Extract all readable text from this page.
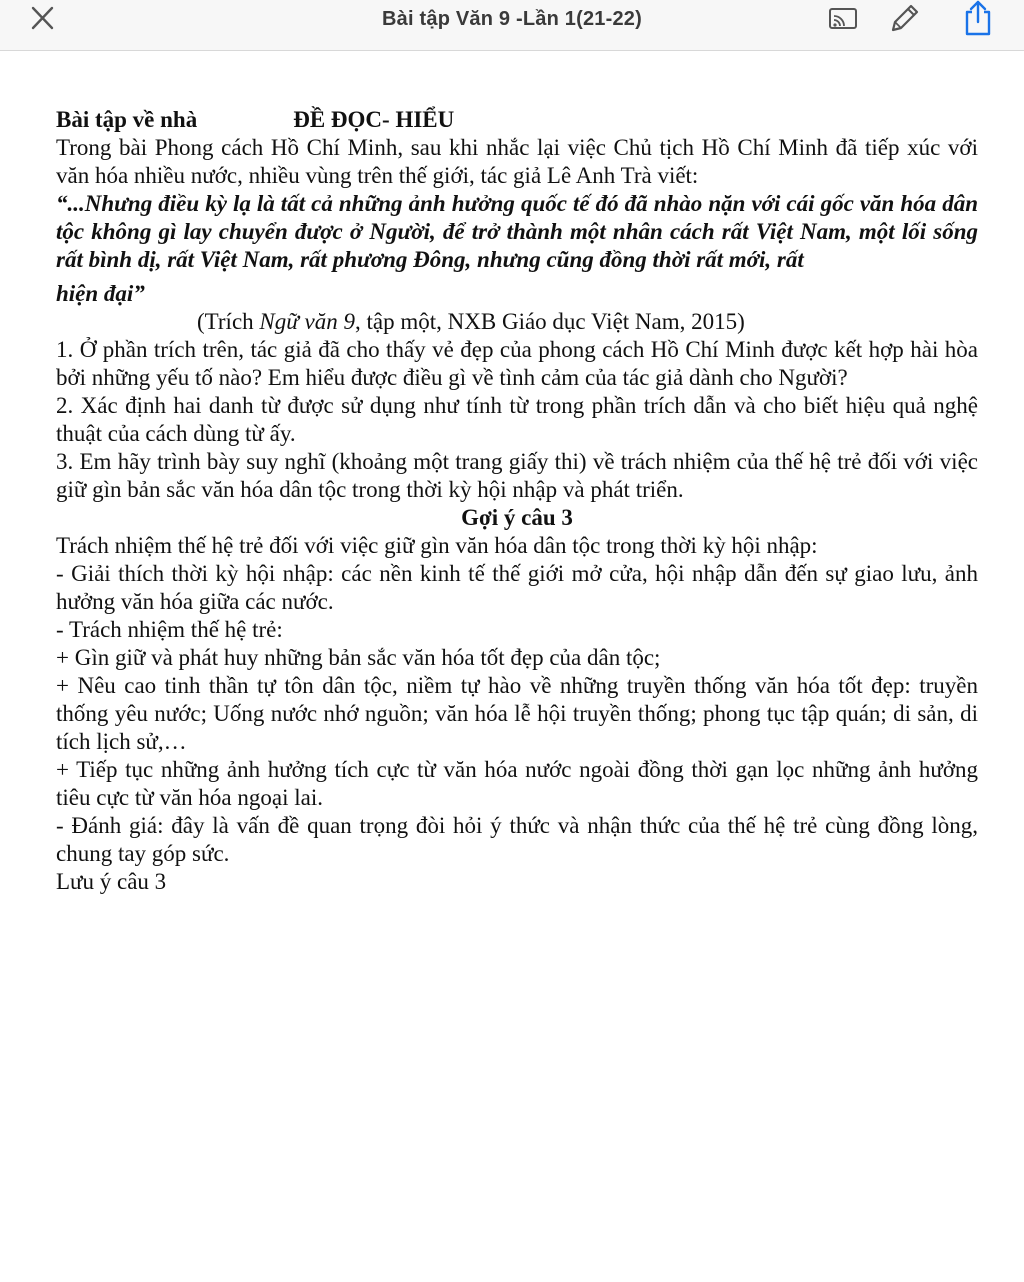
Bài tập Văn 9 -Lần 1(21-22)

Bài tập về nhà	ĐỀ ĐỌC- HIỂU

Trong bài Phong cách Hồ Chí Minh, sau khi nhắc lại việc Chủ tịch Hồ Chí Minh đã tiếp xúc với văn hóa nhiều nước, nhiều vùng trên thế giới, tác giả Lê Anh Trà viết:

“...Nhưng điều kỳ lạ là tất cả những ảnh hưởng quốc tế đó đã nhào nặn với cái gốc văn hóa dân tộc không gì lay chuyển được ở Người, để trở thành một nhân cách rất Việt Nam, một lối sống rất bình dị, rất Việt Nam, rất phương Đông, nhưng cũng đồng thời rất mới, rất
hiện đại”

(Trích Ngữ văn 9, tập một, NXB Giáo dục Việt Nam, 2015)

1. Ở phần trích trên, tác giả đã cho thấy vẻ đẹp của phong cách Hồ Chí Minh được kết hợp hài hòa bởi những yếu tố nào? Em hiểu được điều gì về tình cảm của tác giả dành cho Người?

2. Xác định hai danh từ được sử dụng như tính từ trong phần trích dẫn và cho biết hiệu quả nghệ thuật của cách dùng từ ấy.

3. Em hãy trình bày suy nghĩ (khoảng một trang giấy thi) về trách nhiệm của thế hệ trẻ đối với việc giữ gìn bản sắc văn hóa dân tộc trong thời kỳ hội nhập và phát triển.

Gợi ý câu 3

Trách nhiệm thế hệ trẻ đối với việc giữ gìn văn hóa dân tộc trong thời kỳ hội nhập:

- Giải thích thời kỳ hội nhập: các nền kinh tế thế giới mở cửa, hội nhập dẫn đến sự giao lưu, ảnh hưởng văn hóa giữa các nước.

- Trách nhiệm thế hệ trẻ:

+ Gìn giữ và phát huy những bản sắc văn hóa tốt đẹp của dân tộc;

+ Nêu cao tinh thần tự tôn dân tộc, niềm tự hào về những truyền thống văn hóa tốt đẹp: truyền thống yêu nước; Uống nước nhớ nguồn; văn hóa lễ hội truyền thống; phong tục tập quán; di sản, di tích lịch sử,…

+ Tiếp tục những ảnh hưởng tích cực từ văn hóa nước ngoài đồng thời gạn lọc những ảnh hưởng tiêu cực từ văn hóa ngoại lai.

- Đánh giá: đây là vấn đề quan trọng đòi hỏi ý thức và nhận thức của thế hệ trẻ cùng đồng lòng, chung tay góp sức.

Lưu ý câu 3
